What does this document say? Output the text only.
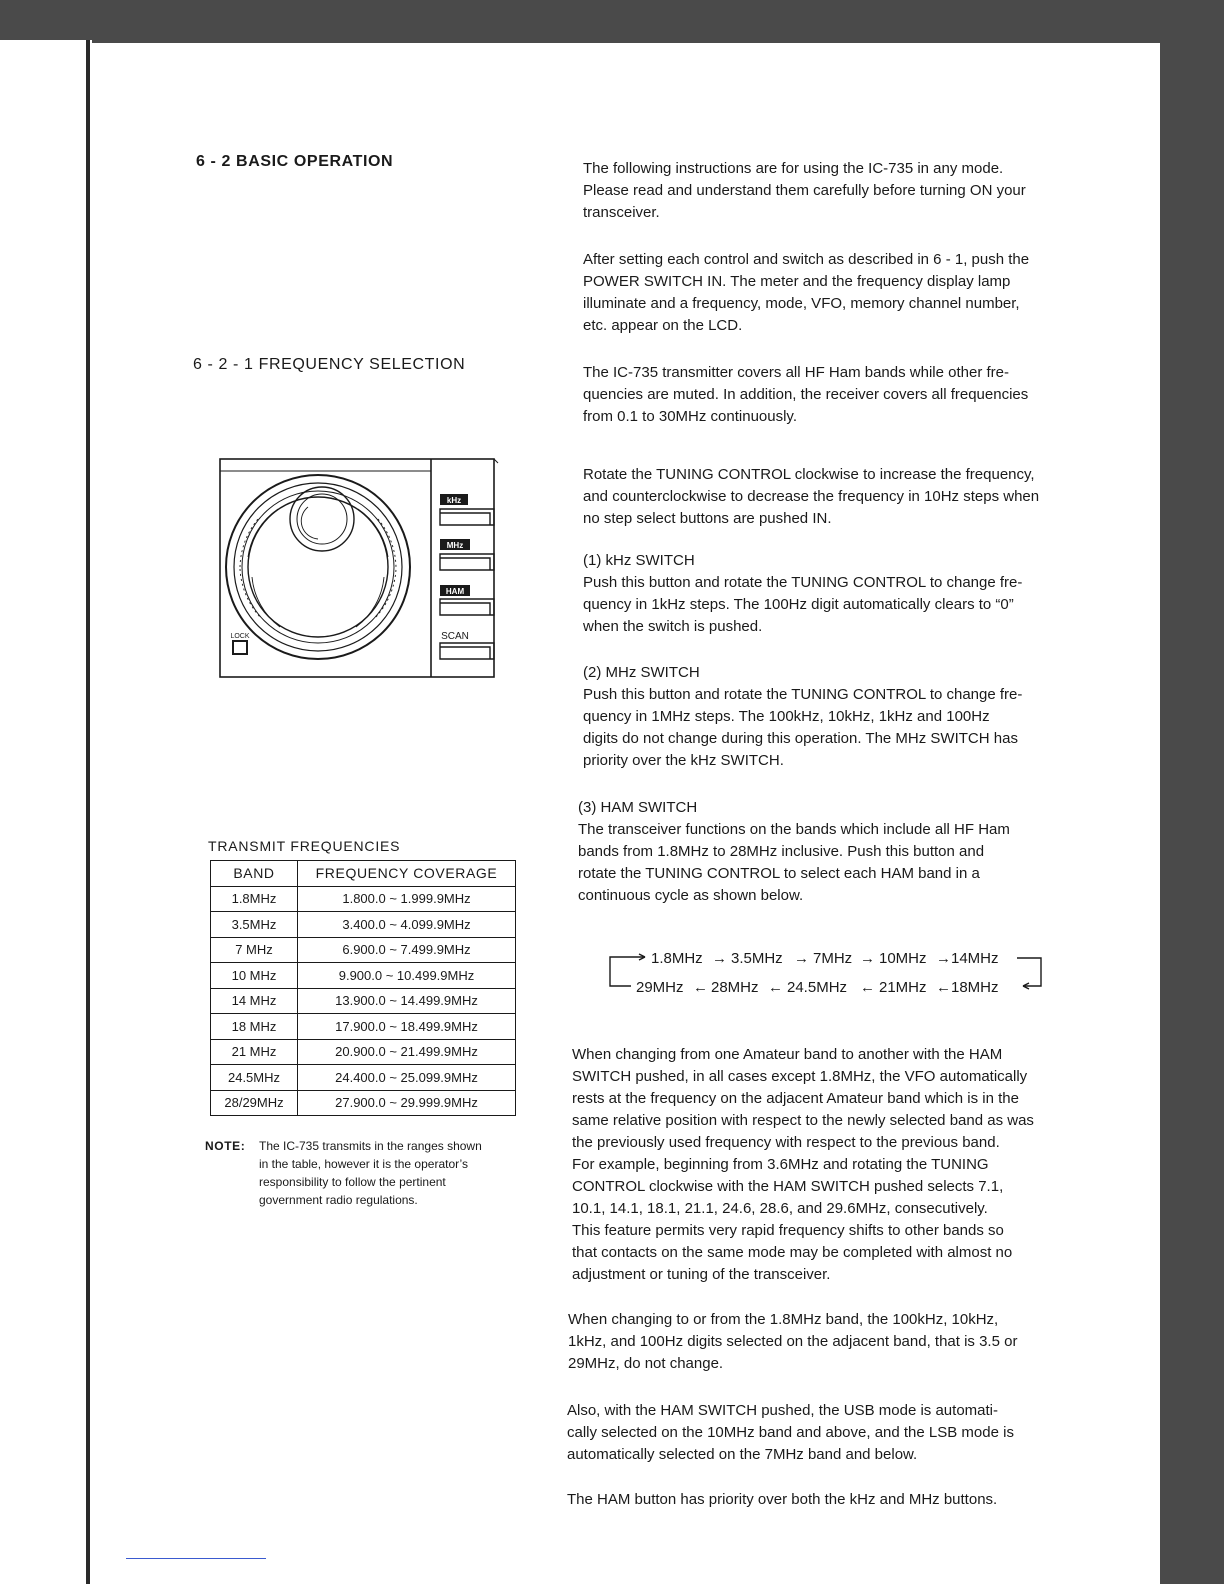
6 - 2 BASIC OPERATION
6 - 2 - 1 FREQUENCY SELECTION
The following instructions are for using the IC-735 in any mode.
Please read and understand them carefully before turning ON your
transceiver.
After setting each control and switch as described in 6 - 1, push the
POWER SWITCH IN. The meter and the frequency display lamp
illuminate and a frequency, mode, VFO, memory channel number,
etc. appear on the LCD.
The IC-735 transmitter covers all HF Ham bands while other fre-
quencies are muted. In addition, the receiver covers all frequencies
from 0.1 to 30MHz continuously.
Rotate the TUNING CONTROL clockwise to increase the frequency,
and counterclockwise to decrease the frequency in 10Hz steps when
no step select buttons are pushed IN.
(1) kHz SWITCH
Push this button and rotate the TUNING CONTROL to change fre-
quency in 1kHz steps. The 100Hz digit automatically clears to “0”
when the switch is pushed.
(2) MHz SWITCH
Push this button and rotate the TUNING CONTROL to change fre-
quency in 1MHz steps. The 100kHz, 10kHz, 1kHz and 100Hz
digits do not change during this operation. The MHz SWITCH has
priority over the kHz SWITCH.
(3) HAM SWITCH
The transceiver functions on the bands which include all HF Ham
bands from 1.8MHz to 28MHz inclusive. Push this button and
rotate the TUNING CONTROL to select each HAM band in a
continuous cycle as shown below.
1.8MHz → 3.5MHz → 7MHz → 10MHz → 14MHz
29MHz ← 28MHz ← 24.5MHz ← 21MHz ← 18MHz
When changing from one Amateur band to another with the HAM
SWITCH pushed, in all cases except 1.8MHz, the VFO automatically
rests at the frequency on the adjacent Amateur band which is in the
same relative position with respect to the newly selected band as was
the previously used frequency with respect to the previous band.
For example, beginning from 3.6MHz and rotating the TUNING
CONTROL clockwise with the HAM SWITCH pushed selects 7.1,
10.1, 14.1, 18.1, 21.1, 24.6, 28.6, and 29.6MHz, consecutively.
This feature permits very rapid frequency shifts to other bands so
that contacts on the same mode may be completed with almost no
adjustment or tuning of the transceiver.
When changing to or from the 1.8MHz band, the 100kHz, 10kHz,
1kHz, and 100Hz digits selected on the adjacent band, that is 3.5 or
29MHz, do not change.
Also, with the HAM SWITCH pushed, the USB mode is automati-
cally selected on the 10MHz band and above, and the LSB mode is
automatically selected on the 7MHz band and below.
The HAM button has priority over both the kHz and MHz buttons.
kHz
MHz
HAM
SCAN
LOCK
TRANSMIT FREQUENCIES
BAND	FREQUENCY COVERAGE
1.8MHz	1.800.0 ~ 1.999.9MHz
3.5MHz	3.400.0 ~ 4.099.9MHz
7 MHz	6.900.0 ~ 7.499.9MHz
10 MHz	9.900.0 ~ 10.499.9MHz
14 MHz	13.900.0 ~ 14.499.9MHz
18 MHz	17.900.0 ~ 18.499.9MHz
21 MHz	20.900.0 ~ 21.499.9MHz
24.5MHz	24.400.0 ~ 25.099.9MHz
28/29MHz	27.900.0 ~ 29.999.9MHz
NOTE: The IC-735 transmits in the ranges shown
in the table, however it is the operator’s
responsibility to follow the pertinent
government radio regulations.
